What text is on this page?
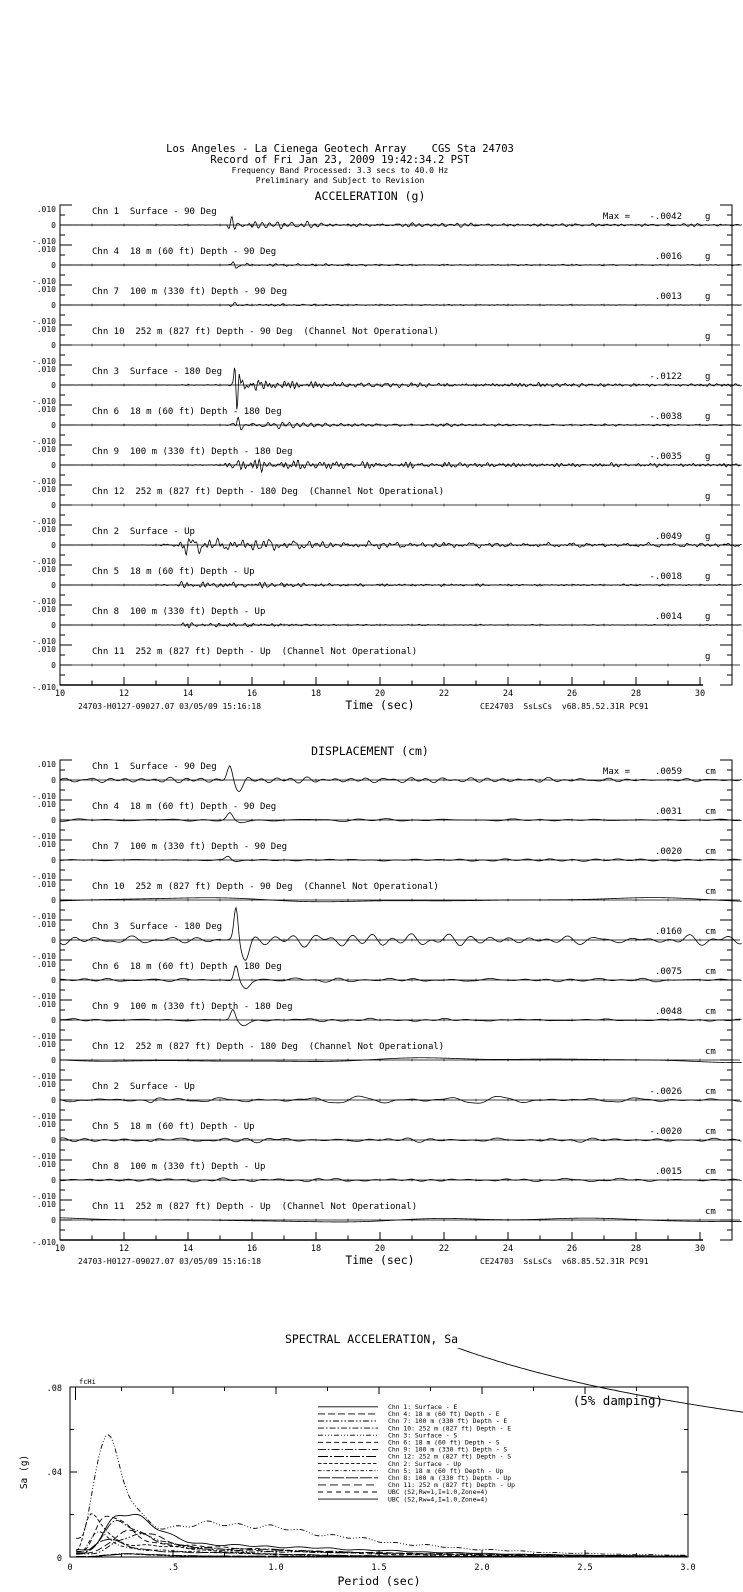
Los Angeles - La Cienega Geotech Array    CGS Sta 24703
Record of Fri Jan 23, 2009 19:42:34.2 PST
Frequency Band Processed: 3.3 secs to 40.0 Hz
Preliminary and Subject to Revision
ACCELERATION (g)
Chn 1  Surface - 90 Deg
.010
0
-.010
Max = -.0042	g
Chn 4  18 m (60 ft) Depth - 90 Deg
.010
0
-.010
.0016	g
Chn 7  100 m (330 ft) Depth - 90 Deg
.010
0
-.010
.0013	g
Chn 10  252 m (827 ft) Depth - 90 Deg  (Channel Not Operational)
.010
0
-.010
g
Chn 3  Surface - 180 Deg
.010
0
-.010
-.0122	g
Chn 6  18 m (60 ft) Depth - 180 Deg
.010
0
-.010
-.0038	g
Chn 9  100 m (330 ft) Depth - 180 Deg
.010
0
-.010
-.0035	g
Chn 12  252 m (827 ft) Depth - 180 Deg  (Channel Not Operational)
.010
0
-.010
g
Chn 2  Surface - Up
.010
0
-.010
.0049	g
Chn 5  18 m (60 ft) Depth - Up
.010
0
-.010
-.0018	g
Chn 8  100 m (330 ft) Depth - Up
.010
0
-.010
.0014	g
Chn 11  252 m (827 ft) Depth - Up  (Channel Not Operational)
.010
0
-.010
g
10	12	14	16	18	20	22	24	26	28	30
Time (sec)
24703-H0127-09027.07 03/05/09 15:16:18	CE24703  SsLsCs  v68.85.52.31R PC91
DISPLACEMENT (cm)
Chn 1  Surface - 90 Deg
.010
0
-.010
Max =	.0059	cm
Chn 4  18 m (60 ft) Depth - 90 Deg
.010
0
-.010
.0031	cm
Chn 7  100 m (330 ft) Depth - 90 Deg
.010
0
-.010
.0020	cm
Chn 10  252 m (827 ft) Depth - 90 Deg  (Channel Not Operational)
.010
0
-.010
cm
Chn 3  Surface - 180 Deg
.010
0
-.010
.0160	cm
Chn 6  18 m (60 ft) Depth - 180 Deg
.010
0
-.010
.0075	cm
Chn 9  100 m (330 ft) Depth - 180 Deg
.010
0
-.010
.0048	cm
Chn 12  252 m (827 ft) Depth - 180 Deg  (Channel Not Operational)
.010
0
-.010
cm
Chn 2  Surface - Up
.010
0
-.010
-.0026	cm
Chn 5  18 m (60 ft) Depth - Up
.010
0
-.010
-.0020	cm
Chn 8  100 m (330 ft) Depth - Up
.010
0
-.010
.0015	cm
Chn 11  252 m (827 ft) Depth - Up  (Channel Not Operational)
.010
0
-.010
cm
10	12	14	16	18	20	22	24	26	28	30
Time (sec)
24703-H0127-09027.07 03/05/09 15:16:18	CE24703  SsLsCs  v68.85.52.31R PC91
SPECTRAL ACCELERATION, Sa
0	.5	1.0	1.5	2.0	2.5	3.0
.08
.04
0
Period (sec)
Sa (g)
fcHi
(5% damping)
Chn 1: Surface - E
Chn 4: 18 m (60 ft) Depth - E
Chn 7: 100 m (330 ft) Depth - E
Chn 10: 252 m (827 ft) Depth - E
Chn 3: Surface - S
Chn 6: 18 m (60 ft) Depth - S
Chn 9: 100 m (330 ft) Depth - S
Chn 12: 252 m (827 ft) Depth - S
Chn 2: Surface - Up
Chn 5: 18 m (60 ft) Depth - Up
Chn 8: 100 m (330 ft) Depth - Up
Chn 11: 252 m (827 ft) Depth - Up
UBC (S2,Rw=1,I=1.0,Zone=4)
UBC (S2,Rw=4,I=1.0,Zone=4)
